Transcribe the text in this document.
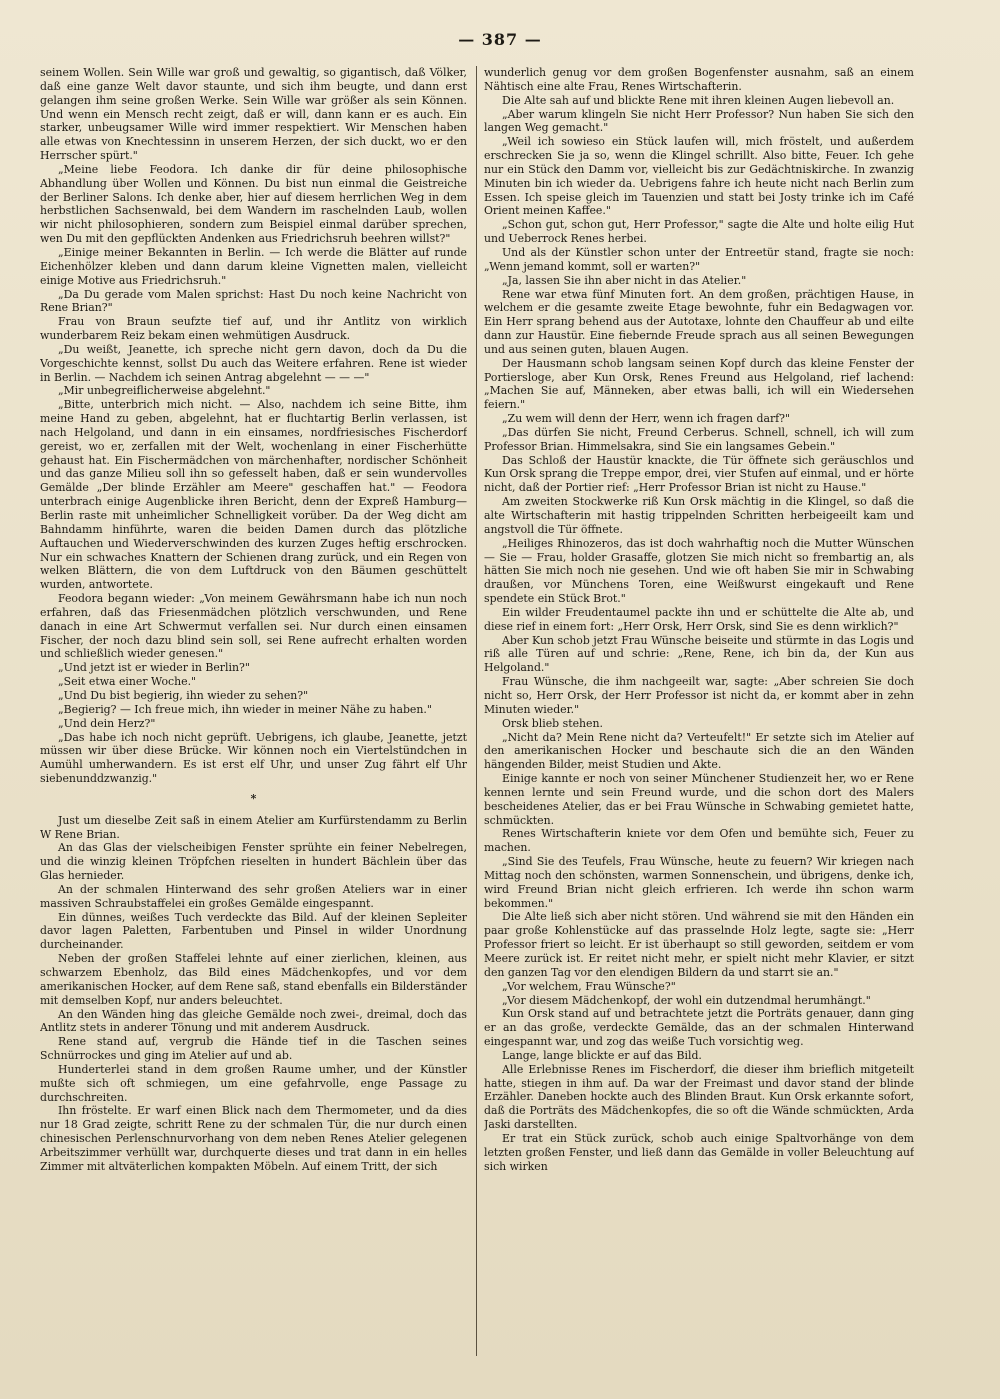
— 387 —

seinem Wollen. Sein Wille war groß und gewaltig, so gigantisch, daß Völker, daß eine ganze Welt davor staunte, und sich ihm beugte, und dann erst gelangen ihm seine großen Werke. Sein Wille war größer als sein Können. Und wenn ein Mensch recht zeigt, daß er will, dann kann er es auch. Ein starker, unbeugsamer Wille wird immer respektiert. Wir Menschen haben alle etwas von Knechtessinn in unserem Herzen, der sich duckt, wo er den Herrscher spürt."

„Meine liebe Feodora. Ich danke dir für deine philosophische Abhandlung über Wollen und Können. Du bist nun einmal die Geistreiche der Berliner Salons. Ich denke aber, hier auf diesem herrlichen Weg in dem herbstlichen Sachsenwald, bei dem Wandern im raschelnden Laub, wollen wir nicht philosophieren, sondern zum Beispiel einmal darüber sprechen, wen Du mit den gepflückten Andenken aus Friedrichsruh beehren willst?"

„Einige meiner Bekannten in Berlin. — Ich werde die Blätter auf runde Eichenhölzer kleben und dann darum kleine Vignetten malen, vielleicht einige Motive aus Friedrichsruh."

„Da Du gerade vom Malen sprichst: Hast Du noch keine Nachricht von Rene Brian?"

Frau von Braun seufzte tief auf, und ihr Antlitz von wirklich wunderbarem Reiz bekam einen wehmütigen Ausdruck.

„Du weißt, Jeanette, ich spreche nicht gern davon, doch da Du die Vorgeschichte kennst, sollst Du auch das Weitere erfahren. Rene ist wieder in Berlin. — Nachdem ich seinen Antrag abgelehnt — — —"

„Mir unbegreiflicherweise abgelehnt."

„Bitte, unterbrich mich nicht. — Also, nachdem ich seine Bitte, ihm meine Hand zu geben, abgelehnt, hat er fluchtartig Berlin verlassen, ist nach Helgoland, und dann in ein einsames, nordfriesisches Fischerdorf gereist, wo er, zerfallen mit der Welt, wochenlang in einer Fischerhütte gehaust hat. Ein Fischermädchen von märchenhafter, nordischer Schönheit und das ganze Milieu soll ihn so gefesselt haben, daß er sein wundervolles Gemälde „Der blinde Erzähler am Meere" geschaffen hat." — Feodora unterbrach einige Augenblicke ihren Bericht, denn der Expreß Hamburg—Berlin raste mit unheimlicher Schnelligkeit vorüber. Da der Weg dicht am Bahndamm hinführte, waren die beiden Damen durch das plötzliche Auftauchen und Wiederverschwinden des kurzen Zuges heftig erschrocken. Nur ein schwaches Knattern der Schienen drang zurück, und ein Regen von welken Blättern, die von dem Luftdruck von den Bäumen geschüttelt wurden, antwortete.

Feodora begann wieder: „Von meinem Gewährsmann habe ich nun noch erfahren, daß das Friesenmädchen plötzlich verschwunden, und Rene danach in eine Art Schwermut verfallen sei. Nur durch einen einsamen Fischer, der noch dazu blind sein soll, sei Rene aufrecht erhalten worden und schließlich wieder genesen."

„Und jetzt ist er wieder in Berlin?"

„Seit etwa einer Woche."

„Und Du bist begierig, ihn wieder zu sehen?"

„Begierig? — Ich freue mich, ihn wieder in meiner Nähe zu haben."

„Und dein Herz?"

„Das habe ich noch nicht geprüft. Uebrigens, ich glaube, Jeanette, jetzt müssen wir über diese Brücke. Wir können noch ein Viertelstündchen in Aumühl umherwandern. Es ist erst elf Uhr, und unser Zug fährt elf Uhr siebenunddzwanzig."

*

Just um dieselbe Zeit saß in einem Atelier am Kurfürstendamm zu Berlin W Rene Brian.

An das Glas der vielscheibigen Fenster sprühte ein feiner Nebelregen, und die winzig kleinen Tröpfchen rieselten in hundert Bächlein über das Glas hernieder.

An der schmalen Hinterwand des sehr großen Ateliers war in einer massiven Schraubstaffelei ein großes Gemälde eingespannt.

Ein dünnes, weißes Tuch verdeckte das Bild. Auf der kleinen Sepleiter davor lagen Paletten, Farbentuben und Pinsel in wilder Unordnung durcheinander.

Neben der großen Staffelei lehnte auf einer zierlichen, kleinen, aus schwarzem Ebenholz, das Bild eines Mädchenkopfes, und vor dem amerikanischen Hocker, auf dem Rene saß, stand ebenfalls ein Bilderständer mit demselben Kopf, nur anders beleuchtet.

An den Wänden hing das gleiche Gemälde noch zwei-, dreimal, doch das Antlitz stets in anderer Tönung und mit anderem Ausdruck.

Rene stand auf, vergrub die Hände tief in die Taschen seines Schnürrockes und ging im Atelier auf und ab.

Hunderterlei stand in dem großen Raume umher, und der Künstler mußte sich oft schmiegen, um eine gefahrvolle, enge Passage zu durchschreiten.

Ihn fröstelte. Er warf einen Blick nach dem Thermometer, und da dies nur 18 Grad zeigte, schritt Rene zu der schmalen Tür, die nur durch einen chinesischen Perlenschnurvorhang von dem neben Renes Atelier gelegenen Arbeitszimmer verhüllt war, durchquerte dieses und trat dann in ein helles Zimmer mit altväterlichen kompakten Möbeln. Auf einem Tritt, der sich

wunderlich genug vor dem großen Bogenfenster ausnahm, saß an einem Nähtisch eine alte Frau, Renes Wirtschafterin.

Die Alte sah auf und blickte Rene mit ihren kleinen Augen liebevoll an.

„Aber warum klingeln Sie nicht Herr Professor? Nun haben Sie sich den langen Weg gemacht."

„Weil ich sowieso ein Stück laufen will, mich fröstelt, und außerdem erschrecken Sie ja so, wenn die Klingel schrillt. Also bitte, Feuer. Ich gehe nur ein Stück den Damm vor, vielleicht bis zur Gedächtniskirche. In zwanzig Minuten bin ich wieder da. Uebrigens fahre ich heute nicht nach Berlin zum Essen. Ich speise gleich im Tauenzien und statt bei Josty trinke ich im Café Orient meinen Kaffee."

„Schon gut, schon gut, Herr Professor," sagte die Alte und holte eilig Hut und Ueberrock Renes herbei.

Und als der Künstler schon unter der Entreetür stand, fragte sie noch: „Wenn jemand kommt, soll er warten?"

„Ja, lassen Sie ihn aber nicht in das Atelier."

Rene war etwa fünf Minuten fort. An dem großen, prächtigen Hause, in welchem er die gesamte zweite Etage bewohnte, fuhr ein Bedagwagen vor. Ein Herr sprang behend aus der Autotaxe, lohnte den Chauffeur ab und eilte dann zur Haustür. Eine fiebernde Freude sprach aus all seinen Bewegungen und aus seinen guten, blauen Augen.

Der Hausmann schob langsam seinen Kopf durch das kleine Fenster der Portiersloge, aber Kun Orsk, Renes Freund aus Helgoland, rief lachend: „Machen Sie auf, Männeken, aber etwas balli, ich will ein Wiedersehen feiern."

„Zu wem will denn der Herr, wenn ich fragen darf?"

„Das dürfen Sie nicht, Freund Cerberus. Schnell, schnell, ich will zum Professor Brian. Himmelsakra, sind Sie ein langsames Gebein."

Das Schloß der Haustür knackte, die Tür öffnete sich geräuschlos und Kun Orsk sprang die Treppe empor, drei, vier Stufen auf einmal, und er hörte nicht, daß der Portier rief: „Herr Professor Brian ist nicht zu Hause."

Am zweiten Stockwerke riß Kun Orsk mächtig in die Klingel, so daß die alte Wirtschafterin mit hastig trippelnden Schritten herbeigeeilt kam und angstvoll die Tür öffnete.

„Heiliges Rhinozeros, das ist doch wahrhaftig noch die Mutter Wünschen — Sie — Frau, holder Grasaffe, glotzen Sie mich nicht so frembartig an, als hätten Sie mich noch nie gesehen. Und wie oft haben Sie mir in Schwabing draußen, vor Münchens Toren, eine Weißwurst eingekauft und Rene spendete ein Stück Brot."

Ein wilder Freudentaumel packte ihn und er schüttelte die Alte ab, und diese rief in einem fort: „Herr Orsk, Herr Orsk, sind Sie es denn wirklich?"

Aber Kun schob jetzt Frau Wünsche beiseite und stürmte in das Logis und riß alle Türen auf und schrie: „Rene, Rene, ich bin da, der Kun aus Helgoland."

Frau Wünsche, die ihm nachgeeilt war, sagte: „Aber schreien Sie doch nicht so, Herr Orsk, der Herr Professor ist nicht da, er kommt aber in zehn Minuten wieder."

Orsk blieb stehen.

„Nicht da? Mein Rene nicht da? Verteufelt!" Er setzte sich im Atelier auf den amerikanischen Hocker und beschaute sich die an den Wänden hängenden Bilder, meist Studien und Akte.

Einige kannte er noch von seiner Münchener Studienzeit her, wo er Rene kennen lernte und sein Freund wurde, und die schon dort des Malers bescheidenes Atelier, das er bei Frau Wünsche in Schwabing gemietet hatte, schmückten.

Renes Wirtschafterin kniete vor dem Ofen und bemühte sich, Feuer zu machen.

„Sind Sie des Teufels, Frau Wünsche, heute zu feuern? Wir kriegen nach Mittag noch den schönsten, warmen Sonnenschein, und übrigens, denke ich, wird Freund Brian nicht gleich erfrieren. Ich werde ihn schon warm bekommen."

Die Alte ließ sich aber nicht stören. Und während sie mit den Händen ein paar große Kohlenstücke auf das prasselnde Holz legte, sagte sie: „Herr Professor friert so leicht. Er ist überhaupt so still geworden, seitdem er vom Meere zurück ist. Er reitet nicht mehr, er spielt nicht mehr Klavier, er sitzt den ganzen Tag vor den elendigen Bildern da und starrt sie an."

„Vor welchem, Frau Wünsche?"

„Vor diesem Mädchenkopf, der wohl ein dutzendmal herumhängt."

Kun Orsk stand auf und betrachtete jetzt die Porträts genauer, dann ging er an das große, verdeckte Gemälde, das an der schmalen Hinterwand eingespannt war, und zog das weiße Tuch vorsichtig weg.

Lange, lange blickte er auf das Bild.

Alle Erlebnisse Renes im Fischerdorf, die dieser ihm brieflich mitgeteilt hatte, stiegen in ihm auf. Da war der Freimast und davor stand der blinde Erzähler. Daneben hockte auch des Blinden Braut. Kun Orsk erkannte sofort, daß die Porträts des Mädchenkopfes, die so oft die Wände schmückten, Arda Jaski darstellten.

Er trat ein Stück zurück, schob auch einige Spaltvorhänge von dem letzten großen Fenster, und ließ dann das Gemälde in voller Beleuchtung auf sich wirken
